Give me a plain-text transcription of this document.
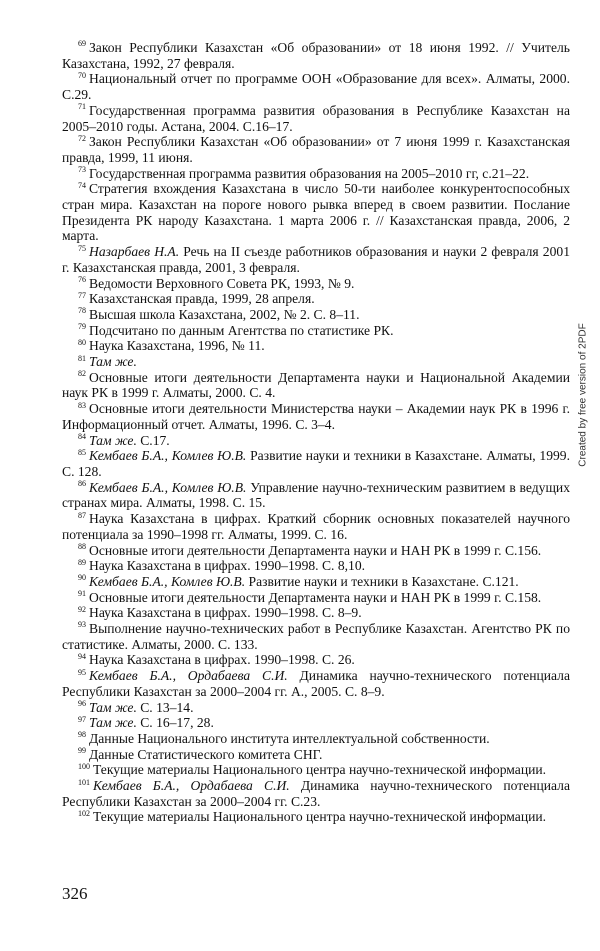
$^{69}$ Закон Республики Казахстан «Об образовании» от 18 июня 1992. // Учитель Казахстана, 1992, 27 февраля.

$^{70}$ Национальный отчет по программе ООН «Образование для всех». Алматы, 2000. С.29.

$^{71}$ Государственная программа развития образования в Республике Казахстан на 2005–2010 годы. Астана, 2004. С.16–17.

$^{72}$ Закон Республики Казахстан «Об образовании» от 7 июня 1999 г. Казахстанская правда, 1999, 11 июня.

$^{73}$ Государственная программа развития образования на 2005–2010 гг, с.21–22.

$^{74}$ Стратегия вхождения Казахстана в число 50-ти наиболее конкурентоспособных стран мира. Казахстан на пороге нового рывка вперед в своем развитии. Послание Президента РК народу Казахстана. 1 марта 2006 г. // Казахстанская правда, 2006, 2 марта.

$^{75}$ Назарбаев Н.А. Речь на II съезде работников образования и науки 2 февраля 2001 г. Казахстанская правда, 2001, 3 февраля.

$^{76}$ Ведомости Верховного Совета РК, 1993, № 9.

$^{77}$ Казахстанская правда, 1999, 28 апреля.

$^{78}$ Высшая школа Казахстана, 2002, № 2. С. 8–11.

$^{79}$ Подсчитано по данным Агентства по статистике РК.

$^{80}$ Наука Казахстана, 1996, № 11.

$^{81}$ Там же.

$^{82}$ Основные итоги деятельности Департамента науки и Национальной Академии наук РК в 1999 г. Алматы, 2000. С. 4.

$^{83}$ Основные итоги деятельности Министерства науки – Академии наук РК в 1996 г. Информационный отчет. Алматы, 1996. С. 3–4.

$^{84}$ Там же. С.17.

$^{85}$ Кембаев Б.А., Комлев Ю.В. Развитие науки и техники в Казахстане. Алматы, 1999. С. 128.

$^{86}$ Кембаев Б.А., Комлев Ю.В. Управление научно-техническим развитием в ведущих странах мира. Алматы, 1998. С. 15.

$^{87}$ Наука Казахстана в цифрах. Краткий сборник основных показателей научного потенциала за 1990–1998 гг. Алматы, 1999. С. 16.

$^{88}$ Основные итоги деятельности Департамента науки и НАН РК в 1999 г. С.156.

$^{89}$ Наука Казахстана в цифрах. 1990–1998. С. 8,10.

$^{90}$ Кембаев Б.А., Комлев Ю.В. Развитие науки и техники в Казахстане. С.121.

$^{91}$ Основные итоги деятельности Департамента науки и НАН РК в 1999 г. С.158.

$^{92}$ Наука Казахстана в цифрах. 1990–1998. С. 8–9.

$^{93}$ Выполнение научно-технических работ в Республике Казахстан. Агентство РК по статистике. Алматы, 2000. С. 133.

$^{94}$ Наука Казахстана в цифрах. 1990–1998. С. 26.

$^{95}$ Кембаев Б.А., Ордабаева С.И. Динамика научно-технического потенциала Республики Казахстан за 2000–2004 гг. А., 2005. С. 8–9.

$^{96}$ Там же. С. 13–14.

$^{97}$ Там же. С. 16–17, 28.

$^{98}$ Данные Национального института интеллектуальной собственности.

$^{99}$ Данные Статистического комитета СНГ.

$^{100}$ Текущие материалы Национального центра научно-технической информации.

$^{101}$ Кембаев Б.А., Ордабаева С.И. Динамика научно-технического потенциала Республики Казахстан за 2000–2004 гг. С.23.

$^{102}$ Текущие материалы Национального центра научно-технической информации.

326
Created by free version of 2PDF
